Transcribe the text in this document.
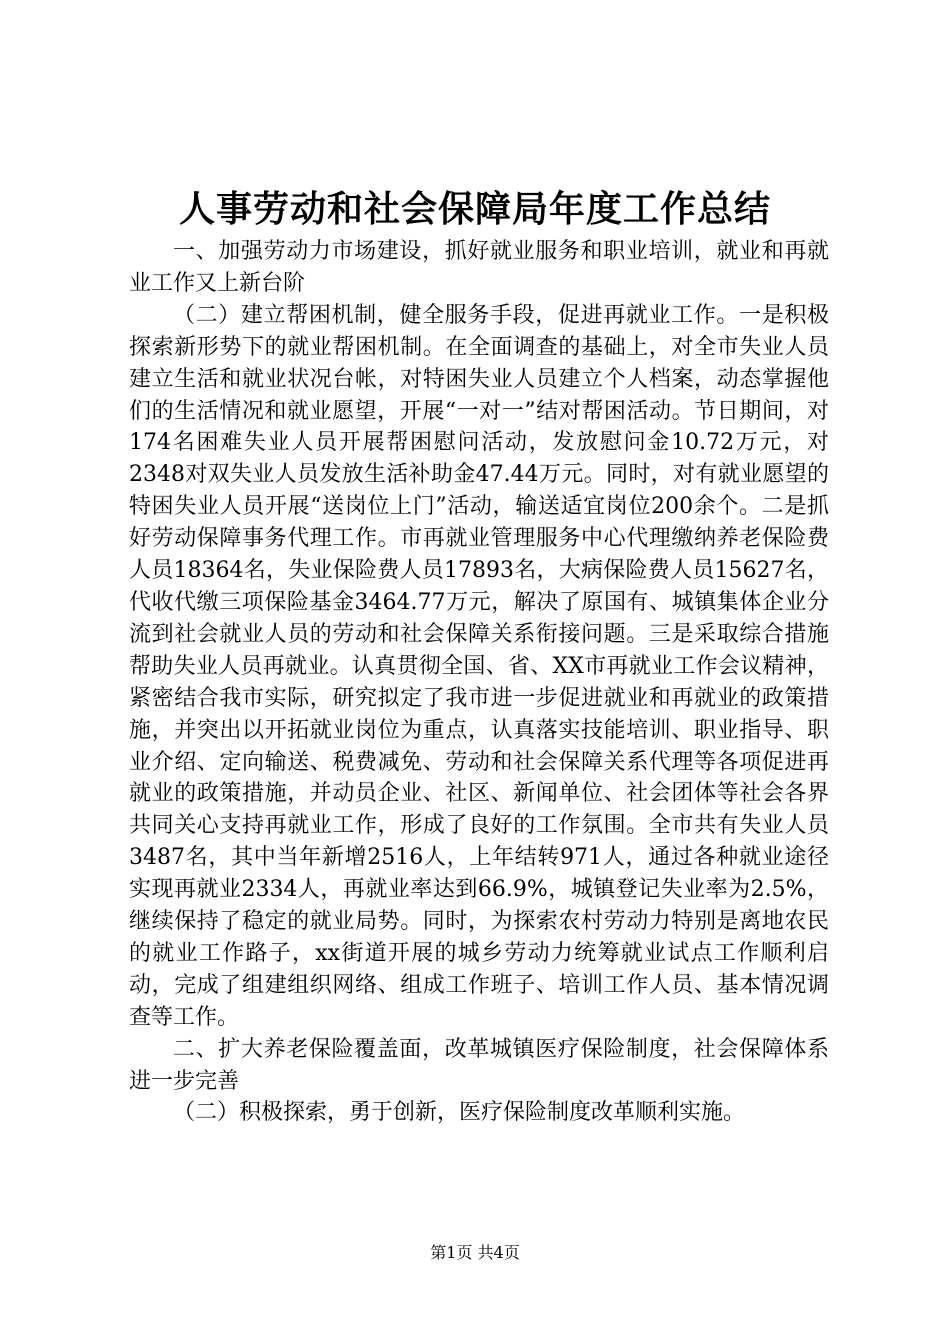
人事劳动和社会保障局年度工作总结

一、加强劳动力市场建设，抓好就业服务和职业培训，就业和再就业工作又上新台阶

（二）建立帮困机制，健全服务手段，促进再就业工作。一是积极探索新形势下的就业帮困机制。在全面调查的基础上，对全市失业人员建立生活和就业状况台帐，对特困失业人员建立个人档案，动态掌握他们的生活情况和就业愿望，开展“一对一”结对帮困活动。节日期间，对174名困难失业人员开展帮困慰问活动，发放慰问金10.72万元，对2348对双失业人员发放生活补助金47.44万元。同时，对有就业愿望的特困失业人员开展“送岗位上门”活动，输送适宜岗位200余个。二是抓好劳动保障事务代理工作。市再就业管理服务中心代理缴纳养老保险费人员18364名，失业保险费人员17893名，大病保险费人员15627名，代收代缴三项保险基金3464.77万元，解决了原国有、城镇集体企业分流到社会就业人员的劳动和社会保障关系衔接问题。三是采取综合措施帮助失业人员再就业。认真贯彻全国、省、XX市再就业工作会议精神，紧密结合我市实际，研究拟定了我市进一步促进就业和再就业的政策措施，并突出以开拓就业岗位为重点，认真落实技能培训、职业指导、职业介绍、定向输送、税费减免、劳动和社会保障关系代理等各项促进再就业的政策措施，并动员企业、社区、新闻单位、社会团体等社会各界共同关心支持再就业工作，形成了良好的工作氛围。全市共有失业人员3487名，其中当年新增2516人，上年结转971人，通过各种就业途径实现再就业2334人，再就业率达到66.9%，城镇登记失业率为2.5%，继续保持了稳定的就业局势。同时，为探索农村劳动力特别是离地农民的就业工作路子，xx街道开展的城乡劳动力统筹就业试点工作顺利启动，完成了组建组织网络、组成工作班子、培训工作人员、基本情况调查等工作。

二、扩大养老保险覆盖面，改革城镇医疗保险制度，社会保障体系进一步完善

（二）积极探索，勇于创新，医疗保险制度改革顺利实施。

第1页 共4页
